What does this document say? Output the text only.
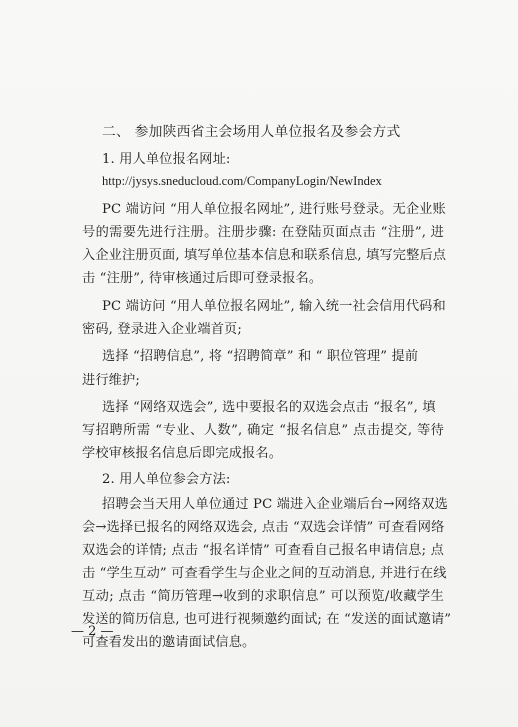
二、 参加陕西省主会场用人单位报名及参会方式
1. 用人单位报名网址:
http://jysys.sneducloud.com/CompanyLogin/NewIndex
PC 端访问 “用人单位报名网址”, 进行账号登录。无企业账
号的需要先进行注册。注册步骤: 在登陆页面点击 “注册”, 进
入企业注册页面, 填写单位基本信息和联系信息, 填写完整后点
击 “注册”, 待审核通过后即可登录报名。
PC 端访问 “用人单位报名网址”, 输入统一社会信用代码和
密码, 登录进入企业端首页;
选择 “招聘信息”, 将 “招聘简章” 和 “ 职位管理” 提前
进行维护;
选择 “网络双选会”, 选中要报名的双选会点击 “报名”, 填
写招聘所需 “专业、人数”, 确定 “报名信息” 点击提交, 等待
学校审核报名信息后即完成报名。
2. 用人单位参会方法:
招聘会当天用人单位通过 PC 端进入企业端后台→网络双选
会→选择已报名的网络双选会, 点击 “双选会详情” 可查看网络
双选会的详情; 点击 “报名详情” 可查看自己报名申请信息; 点
击 “学生互动” 可查看学生与企业之间的互动消息, 并进行在线
互动; 点击 “简历管理→收到的求职信息” 可以预览/收藏学生
发送的简历信息, 也可进行视频邀约面试; 在 “发送的面试邀请”
可查看发出的邀请面试信息。
— 2 —
